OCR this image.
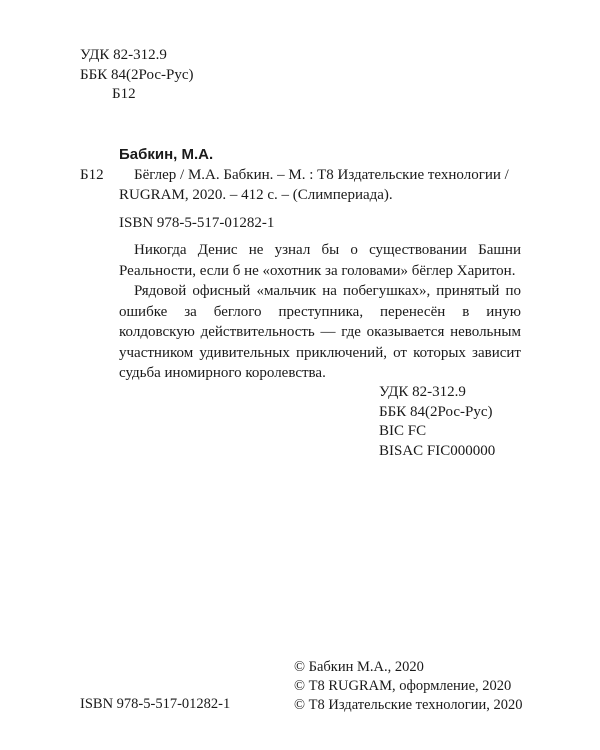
УДК 82-312.9
ББК 84(2Рос-Рус)
Б12
Бабкин, М.А.
Б12	Бёглер / М.А. Бабкин. – М. : Т8 Издательские технологии /

RUGRAM, 2020. – 412 с. – (Слимпериада).

ISBN 978-5-517-01282-1

Никогда Денис не узнал бы о существовании Башни Реальности, если б не «охотник за головами» бёглер Харитон.

Рядовой офисный «мальчик на побегушках», принятый по ошибке за беглого преступника, перенесён в иную колдовскую действительность — где оказывается невольным участником удивительных приключений, от которых зависит судьба иномирного королевства.

УДК 82-312.9
ББК 84(2Рос-Рус)
BIC FC
BISAC FIC000000
© Бабкин М.А., 2020
© Т8 RUGRAM, оформление, 2020
© Т8 Издательские технологии, 2020
ISBN 978-5-517-01282-1
